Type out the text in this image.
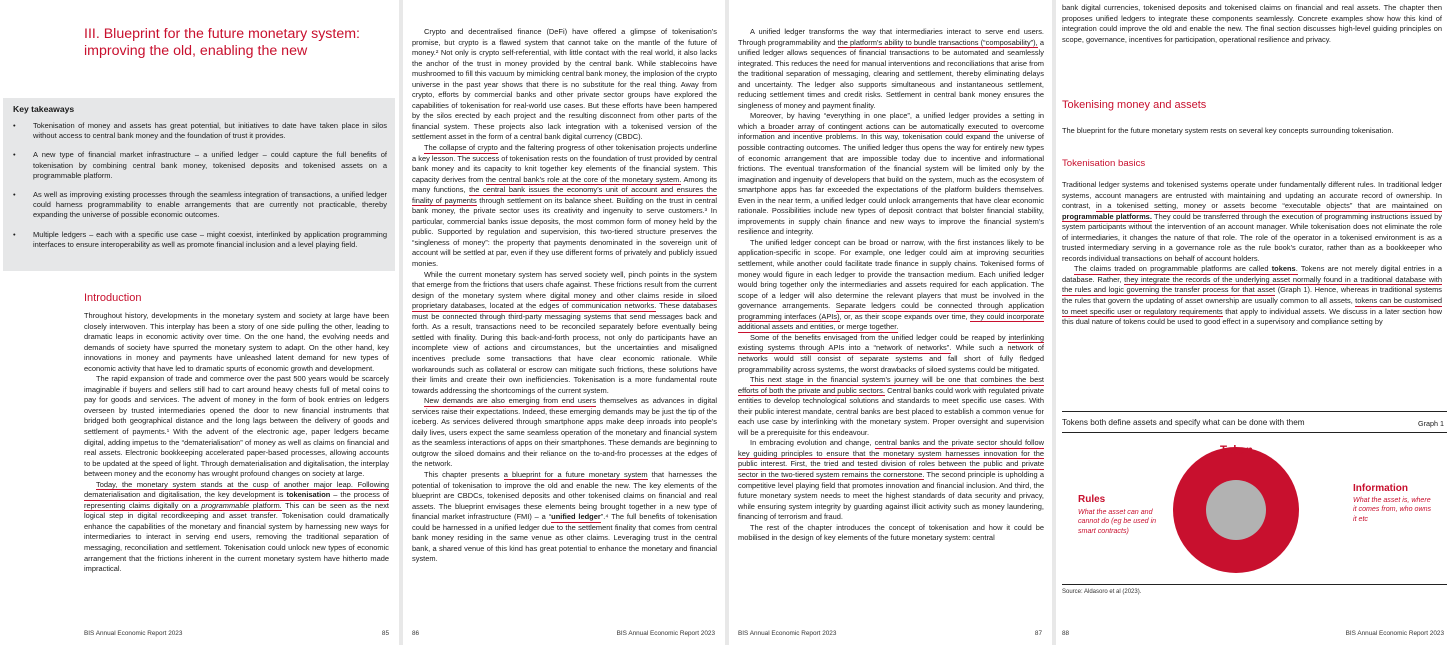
III. Blueprint for the future monetary system: improving the old, enabling the new
Key takeaways
• Tokenisation of money and assets has great potential, but initiatives to date have taken place in silos without access to central bank money and the foundation of trust it provides.
• A new type of financial market infrastructure – a unified ledger – could capture the full benefits of tokenisation by combining central bank money, tokenised deposits and tokenised assets on a programmable platform.
• As well as improving existing processes through the seamless integration of transactions, a unified ledger could harness programmability to enable arrangements that are currently not practicable, thereby expanding the universe of possible economic outcomes.
• Multiple ledgers – each with a specific use case – might coexist, interlinked by application programming interfaces to ensure interoperability as well as promote financial inclusion and a level playing field.
Introduction

Throughout history, developments in the monetary system and society at large have been closely interwoven. This interplay has been a story of one side pulling the other, leading to dramatic leaps in economic activity over time. On the one hand, the evolving needs and demands of society have spurred the monetary system to adapt. On the other hand, key innovations in money and payments have unleashed latent demand for new types of economic activity that have led to dramatic spurts of economic growth and development.

The rapid expansion of trade and commerce over the past 500 years would be scarcely imaginable if buyers and sellers still had to cart around heavy chests full of metal coins to pay for goods and services. The advent of money in the form of book entries on ledgers overseen by trusted intermediaries opened the door to new financial instruments that bridged both geographical distance and the long lags between the delivery of goods and settlement of payments.¹ With the advent of the electronic age, paper ledgers became digital, adding impetus to the “dematerialisation” of money as well as claims on financial and real assets. Electronic bookkeeping accelerated paper-based processes, allowing accounts to be updated at the speed of light. Through dematerialisation and digitalisation, the interplay between money and the economy has wrought profound changes on society at large.

Today, the monetary system stands at the cusp of another major leap. Following dematerialisation and digitalisation, the key development is tokenisation – the process of representing claims digitally on a programmable platform. This can be seen as the next logical step in digital recordkeeping and asset transfer. Tokenisation could dramatically enhance the capabilities of the monetary and financial system by harnessing new ways for intermediaries to interact in serving end users, removing the traditional separation of messaging, reconciliation and settlement. Tokenisation could unlock new types of economic arrangement that the frictions inherent in the current monetary system have hitherto made impractical.

BIS Annual Economic Report 2023	85

Crypto and decentralised finance (DeFi) have offered a glimpse of tokenisation’s promise, but crypto is a flawed system that cannot take on the mantle of the future of money.² Not only is crypto self-referential, with little contact with the real world, it also lacks the anchor of the trust in money provided by the central bank. While stablecoins have mushroomed to fill this vacuum by mimicking central bank money, the implosion of the crypto universe in the past year shows that there is no substitute for the real thing. Away from crypto, efforts by commercial banks and other private sector groups have explored the capabilities of tokenisation for real-world use cases. But these efforts have been hampered by the silos erected by each project and the resulting disconnect from other parts of the financial system. These projects also lack integration with a tokenised version of the settlement asset in the form of a central bank digital currency (CBDC).

The collapse of crypto and the faltering progress of other tokenisation projects underline a key lesson. The success of tokenisation rests on the foundation of trust provided by central bank money and its capacity to knit together key elements of the financial system. This capacity derives from the central bank’s role at the core of the monetary system. Among its many functions, the central bank issues the economy’s unit of account and ensures the finality of payments through settlement on its balance sheet. Building on the trust in central bank money, the private sector uses its creativity and ingenuity to serve customers.³ In particular, commercial banks issue deposits, the most common form of money held by the public. Supported by regulation and supervision, this two-tiered structure preserves the “singleness of money”: the property that payments denominated in the sovereign unit of account will be settled at par, even if they use different forms of privately and publicly issued monies.

While the current monetary system has served society well, pinch points in the system that emerge from the frictions that users chafe against. These frictions result from the current design of the monetary system where digital money and other claims reside in siloed proprietary databases, located at the edges of communication networks. These databases must be connected through third-party messaging systems that send messages back and forth. As a result, transactions need to be reconciled separately before eventually being settled with finality. During this back-and-forth process, not only do participants have an incomplete view of actions and circumstances, but the uncertainties and misaligned incentives preclude some transactions that have clear economic rationale. While workarounds such as collateral or escrow can mitigate such frictions, these solutions have their limits and create their own inefficiencies. Tokenisation is a more fundamental route towards addressing the shortcomings of the current system.

New demands are also emerging from end users themselves as advances in digital services raise their expectations. Indeed, these emerging demands may be just the tip of the iceberg. As services delivered through smartphone apps make deep inroads into people’s daily lives, users expect the same seamless operation of the monetary and financial system as the seamless interactions of apps on their smartphones. These demands are beginning to outgrow the siloed domains and their reliance on the to-and-fro processes at the edges of the network.

This chapter presents a blueprint for a future monetary system that harnesses the potential of tokenisation to improve the old and enable the new. The key elements of the blueprint are CBDCs, tokenised deposits and other tokenised claims on financial and real assets. The blueprint envisages these elements being brought together in a new type of financial market infrastructure (FMI) – a “unified ledger”.⁴ The full benefits of tokenisation could be harnessed in a unified ledger due to the settlement finality that comes from central bank money residing in the same venue as other claims. Leveraging trust in the central bank, a shared venue of this kind has great potential to enhance the monetary and financial system.

86	BIS Annual Economic Report 2023

A unified ledger transforms the way that intermediaries interact to serve end users. Through programmability and the platform’s ability to bundle transactions (“composability”), a unified ledger allows sequences of financial transactions to be automated and seamlessly integrated. This reduces the need for manual interventions and reconciliations that arise from the traditional separation of messaging, clearing and settlement, thereby eliminating delays and uncertainty. The ledger also supports simultaneous and instantaneous settlement, reducing settlement times and credit risks. Settlement in central bank money ensures the singleness of money and payment finality.

Moreover, by having “everything in one place”, a unified ledger provides a setting in which a broader array of contingent actions can be automatically executed to overcome information and incentive problems. In this way, tokenisation could expand the universe of possible contracting outcomes. The unified ledger thus opens the way for entirely new types of economic arrangement that are impossible today due to incentive and informational frictions. The eventual transformation of the financial system will be limited only by the imagination and ingenuity of developers that build on the system, much as the ecosystem of smartphone apps has far exceeded the expectations of the platform builders themselves. Even in the near term, a unified ledger could unlock arrangements that have clear economic rationale. Possibilities include new types of deposit contract that bolster financial stability, improvements in supply chain finance and new ways to improve the financial system’s resilience and integrity.

The unified ledger concept can be broad or narrow, with the first instances likely to be application-specific in scope. For example, one ledger could aim at improving securities settlement, while another could facilitate trade finance in supply chains. Tokenised forms of money would figure in each ledger to provide the transaction medium. Each unified ledger would bring together only the intermediaries and assets required for each application. The scope of a ledger will also determine the relevant players that must be involved in the governance arrangements. Separate ledgers could be connected through application programming interfaces (APIs), or, as their scope expands over time, they could incorporate additional assets and entities, or merge together.

Some of the benefits envisaged from the unified ledger could be reaped by interlinking existing systems through APIs into a “network of networks”. While such a network of networks would still consist of separate systems and fall short of fully fledged programmability across systems, the worst drawbacks of siloed systems could be mitigated.

This next stage in the financial system’s journey will be one that combines the best efforts of both the private and public sectors. Central banks could work with regulated private entities to develop technological solutions and standards to meet specific use cases. With their public interest mandate, central banks are best placed to establish a common venue for each use case by interlinking with the monetary system. Proper oversight and supervision will be a prerequisite for this endeavour.

In embracing evolution and change, central banks and the private sector should follow key guiding principles to ensure that the monetary system harnesses innovation for the public interest. First, the tried and tested division of roles between the public and private sector in the two-tiered system remains the cornerstone. The second principle is upholding a competitive level playing field that promotes innovation and financial inclusion. And third, the future monetary system needs to meet the highest standards of data security and privacy, while ensuring system integrity by guarding against illicit activity such as money laundering, financing of terrorism and fraud.

The rest of the chapter introduces the concept of tokenisation and how it could be mobilised in the design of key elements of the future monetary system: central

BIS Annual Economic Report 2023	87

bank digital currencies, tokenised deposits and tokenised claims on financial and real assets. The chapter then proposes unified ledgers to integrate these components seamlessly. Concrete examples show how this kind of integration could improve the old and enable the new. The final section discusses high-level guiding principles on scope, governance, incentives for participation, operational resilience and privacy.

Tokenising money and assets

The blueprint for the future monetary system rests on several key concepts surrounding tokenisation.

Tokenisation basics

Traditional ledger systems and tokenised systems operate under fundamentally different rules. In traditional ledger systems, account managers are entrusted with maintaining and updating an accurate record of ownership. In contrast, in a tokenised setting, money or assets become “executable objects” that are maintained on programmable platforms. They could be transferred through the execution of programming instructions issued by system participants without the intervention of an account manager. While tokenisation does not eliminate the role of intermediaries, it changes the nature of that role. The role of the operator in a tokenised environment is as a trusted intermediary serving in a governance role as the rule book’s curator, rather than as a bookkeeper who records individual transactions on behalf of account holders.

The claims traded on programmable platforms are called tokens. Tokens are not merely digital entries in a database. Rather, they integrate the records of the underlying asset normally found in a traditional database with the rules and logic governing the transfer process for that asset (Graph 1). Hence, whereas in traditional systems the rules that govern the updating of asset ownership are usually common to all assets, tokens can be customised to meet specific user or regulatory requirements that apply to individual assets. We discuss in a later section how this dual nature of tokens could be used to good effect in a supervisory and compliance setting by

Tokens both define assets and specify what can be done with them	Graph 1
Token
Rules
What the asset can and cannot do (eg be used in smart contracts)
Information
What the asset is, where it comes from, who owns it etc
Source: Aldasoro et al (2023).
88	BIS Annual Economic Report 2023
